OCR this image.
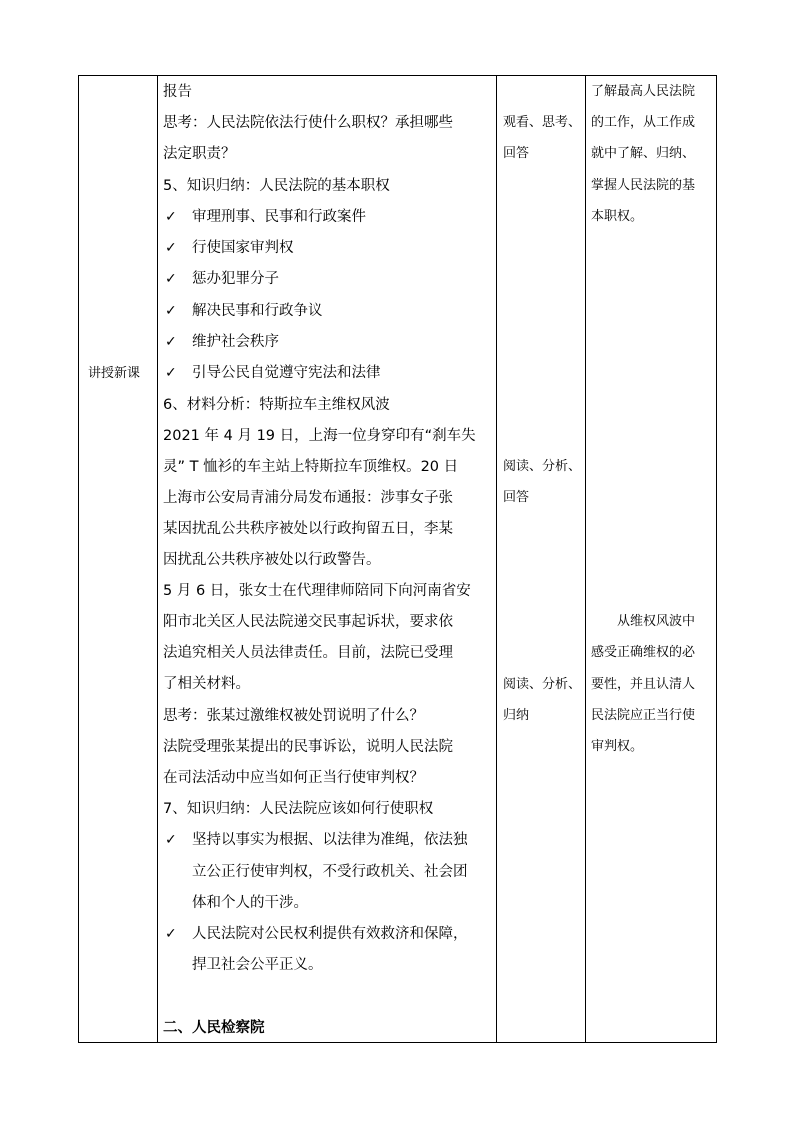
讲授新课
报告
思考：人民法院依法行使什么职权？承担哪些
法定职责？
5、知识归纳：人民法院的基本职权
✓ 审理刑事、民事和行政案件
✓ 行使国家审判权
✓ 惩办犯罪分子
✓ 解决民事和行政争议
✓ 维护社会秩序
✓ 引导公民自觉遵守宪法和法律
6、材料分析：特斯拉车主维权风波
2021 年 4 月 19 日，上海一位身穿印有“刹车失
灵” T 恤衫的车主站上特斯拉车顶维权。20 日
上海市公安局青浦分局发布通报：涉事女子张
某因扰乱公共秩序被处以行政拘留五日，李某
因扰乱公共秩序被处以行政警告。
5 月 6 日，张女士在代理律师陪同下向河南省安
阳市北关区人民法院递交民事起诉状，要求依
法追究相关人员法律责任。目前，法院已受理
了相关材料。
思考：张某过激维权被处罚说明了什么？
法院受理张某提出的民事诉讼，说明人民法院
在司法活动中应当如何正当行使审判权？
7、知识归纳：人民法院应该如何行使职权
✓ 坚持以事实为根据、以法律为准绳，依法独
立公正行使审判权，不受行政机关、社会团
体和个人的干涉。
✓ 人民法院对公民权利提供有效救济和保障，
捍卫社会公平正义。
二、人民检察院
观看、思考、
回答
阅读、分析、
回答
阅读、分析、
归纳
了解最高人民法院
的工作，从工作成
就中了解、归纳、
掌握人民法院的基
本职权。
从维权风波中
感受正确维权的必
要性，并且认清人
民法院应正当行使
审判权。
